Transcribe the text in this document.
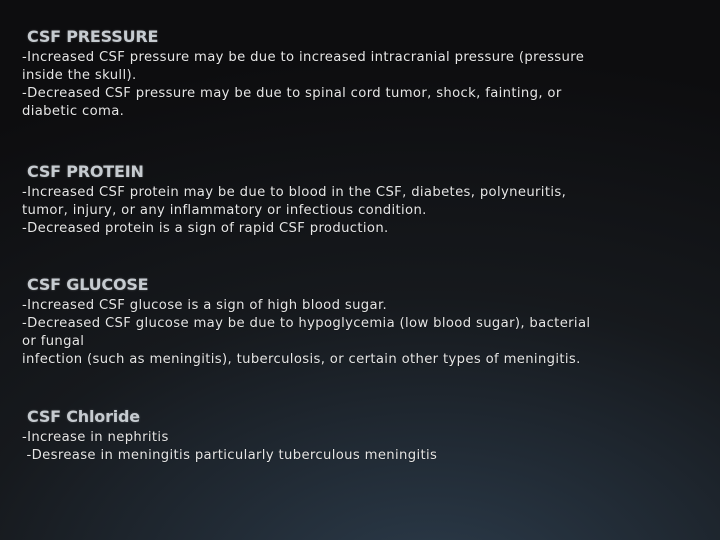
CSF PRESSURE
-Increased CSF pressure may be due to increased intracranial pressure (pressure
inside the skull).
-Decreased CSF pressure may be due to spinal cord tumor, shock, fainting, or
diabetic coma.
CSF PROTEIN
-Increased CSF protein may be due to blood in the CSF, diabetes, polyneuritis,
tumor, injury, or any inflammatory or infectious condition.
-Decreased protein is a sign of rapid CSF production.
CSF GLUCOSE
-Increased CSF glucose is a sign of high blood sugar.
-Decreased CSF glucose may be due to hypoglycemia (low blood sugar), bacterial
or fungal
infection (such as meningitis), tuberculosis, or certain other types of meningitis.
CSF Chloride
-Increase in nephritis
-Desrease in meningitis particularly tuberculous meningitis
